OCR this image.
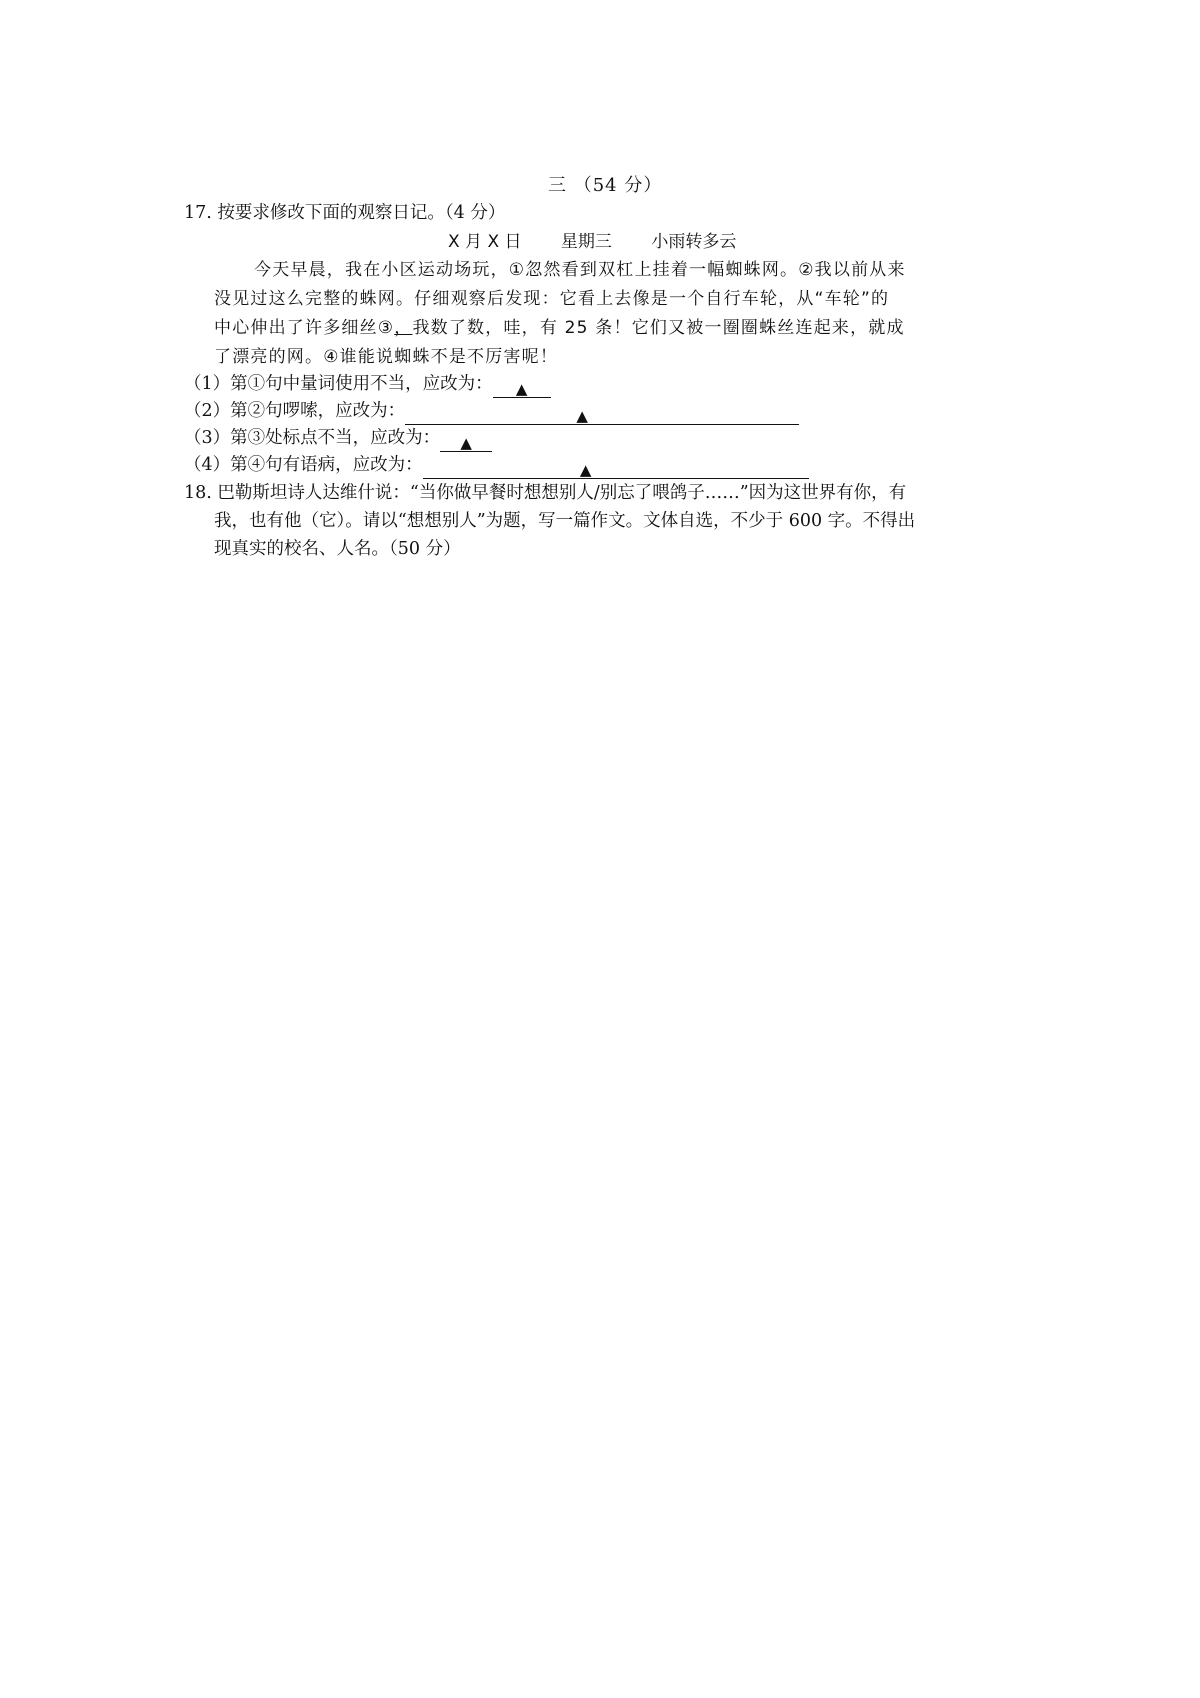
三 （54 分）
17. 按要求修改下面的观察日记。（4 分）
X 月 X 日 星期三 小雨转多云
今天早晨，我在小区运动场玩，①忽然看到双杠上挂着一幅蜘蛛网。②我以前从来
没见过这么完整的蛛网。仔细观察后发现：它看上去像是一个自行车轮，从“车轮”的
中心伸出了许多细丝③，我数了数，哇，有 25 条！它们又被一圈圈蛛丝连起来，就成
了漂亮的网。④谁能说蜘蛛不是不厉害呢！
（1）第①句中量词使用不当，应改为： ▲
（2）第②句啰嗦，应改为：	▲
（3）第③处标点不当，应改为： ▲
（4）第④句有语病，应改为：	▲
18. 巴勒斯坦诗人达维什说：“当你做早餐时想想别人/别忘了喂鸽子……”因为这世界有你，有
我，也有他（它）。请以“想想别人”为题，写一篇作文。文体自选，不少于 600 字。不得出
现真实的校名、人名。（50 分）
